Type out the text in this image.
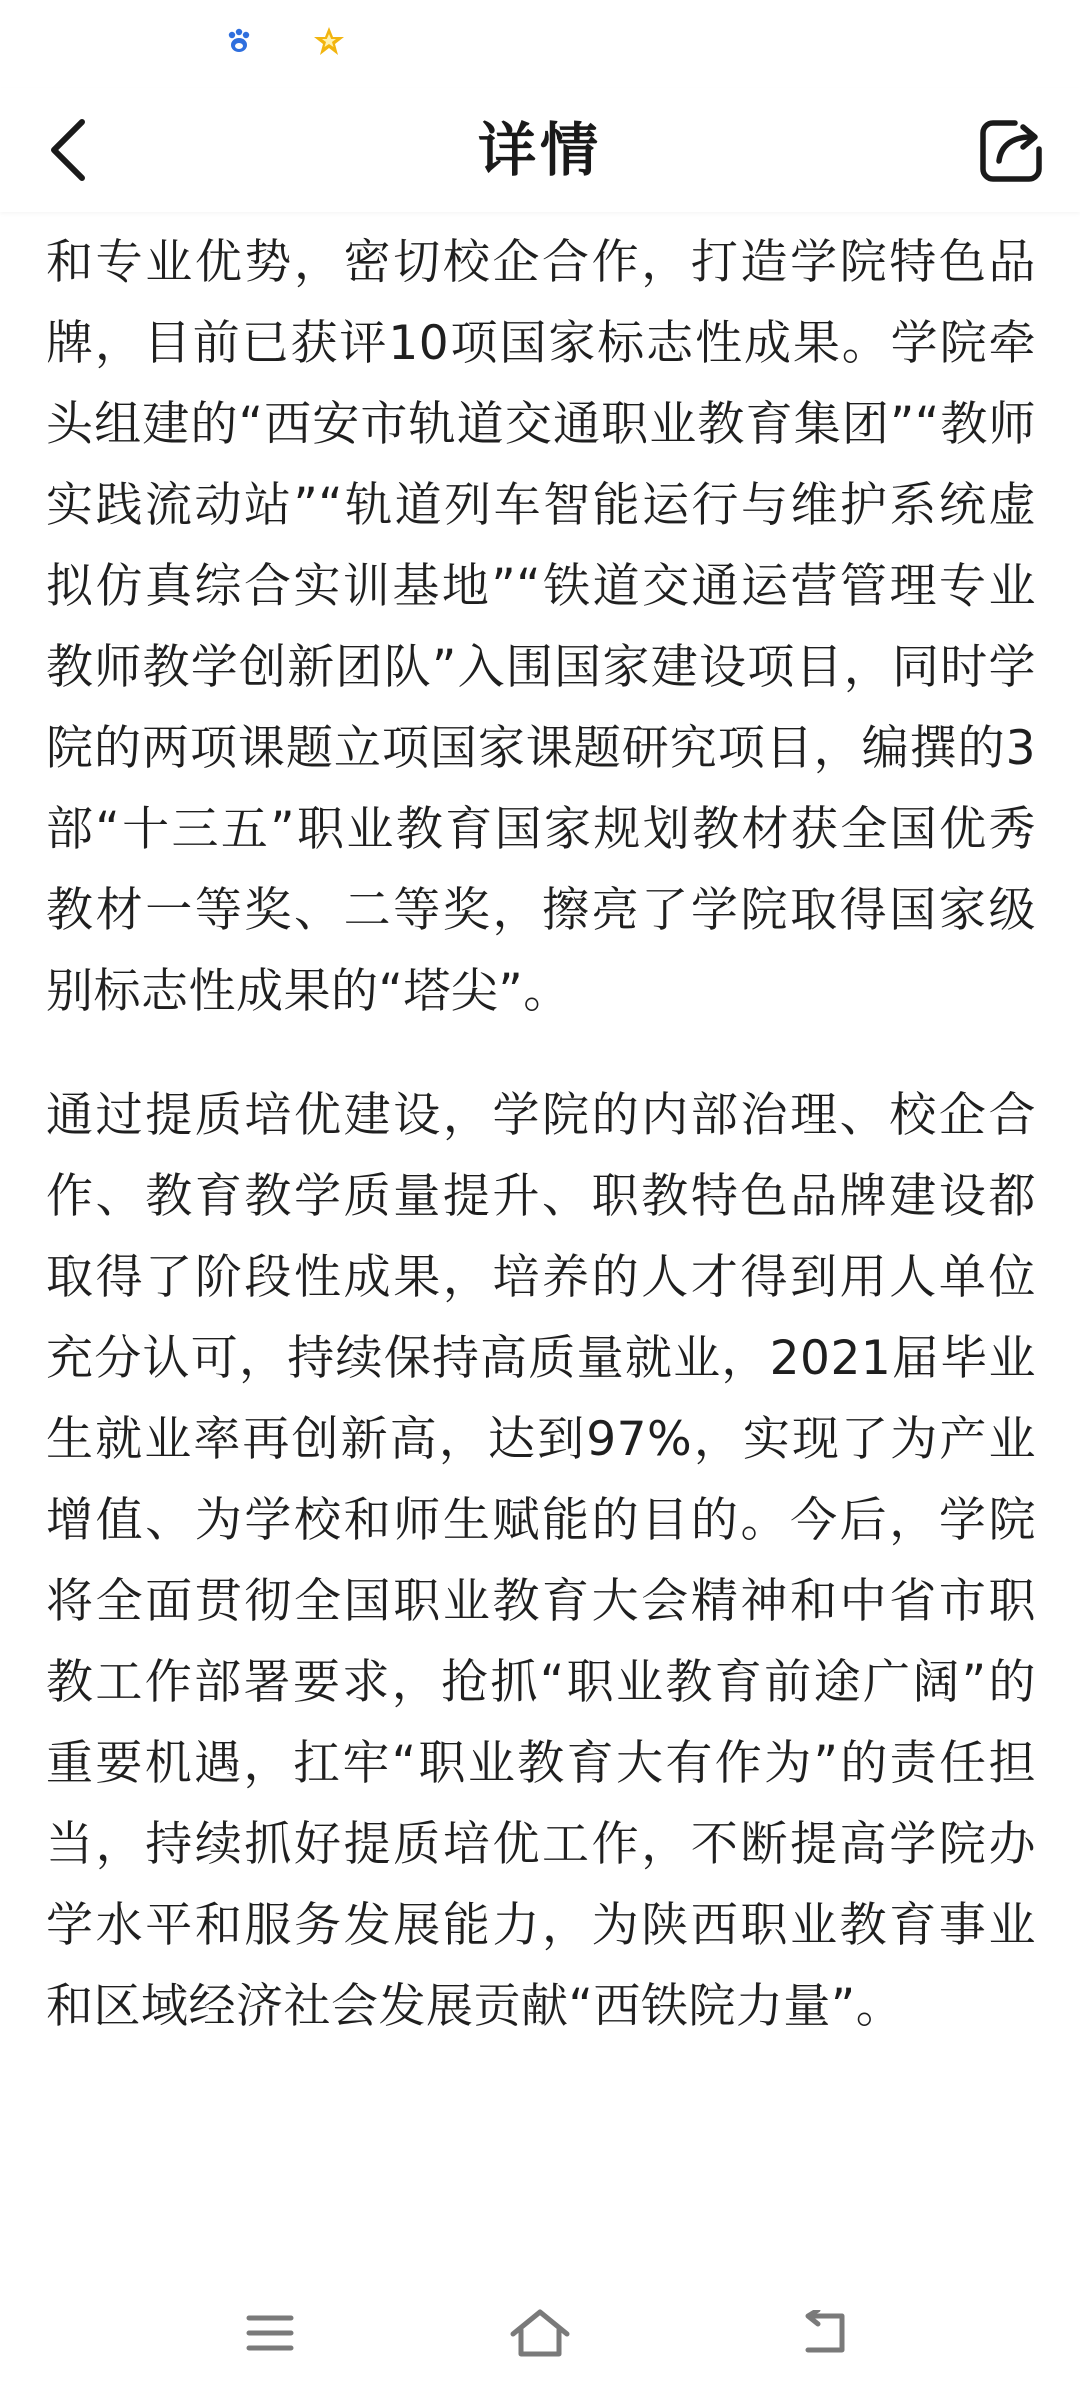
详情

和专业优势，密切校企合作，打造学院特色品牌，目前已获评10项国家标志性成果。学院牵头组建的“西安市轨道交通职业教育集团”“教师实践流动站”“轨道列车智能运行与维护系统虚拟仿真综合实训基地”“铁道交通运营管理专业教师教学创新团队”入围国家建设项目，同时学院的两项课题立项国家课题研究项目，编撰的3部“十三五”职业教育国家规划教材获全国优秀教材一等奖、二等奖，擦亮了学院取得国家级别标志性成果的“塔尖”。

通过提质培优建设，学院的内部治理、校企合作、教育教学质量提升、职教特色品牌建设都取得了阶段性成果，培养的人才得到用人单位充分认可，持续保持高质量就业，2021届毕业生就业率再创新高，达到97%，实现了为产业增值、为学校和师生赋能的目的。今后，学院将全面贯彻全国职业教育大会精神和中省市职教工作部署要求，抢抓“职业教育前途广阔”的重要机遇，扛牢“职业教育大有作为”的责任担当，持续抓好提质培优工作，不断提高学院办学水平和服务发展能力，为陕西职业教育事业和区域经济社会发展贡献“西铁院力量”。
